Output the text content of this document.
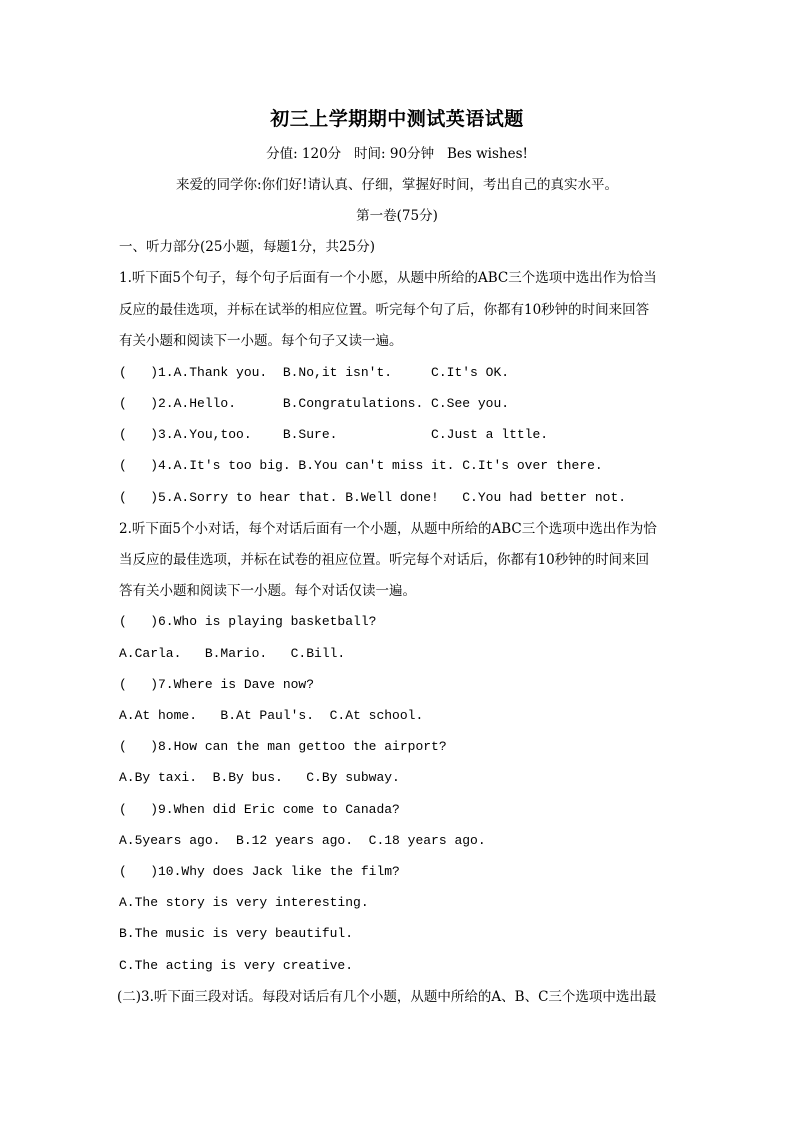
初三上学期期中测试英语试题
分值: 120分   时间: 90分钟   Bes wishes!
来爱的同学你:你们好!请认真、仔细，掌握好时间，考出自己的真实水平。
第一卷(75分)
一、听力部分(25小题，每题1分，共25分)
1.听下面5个句子，每个句子后面有一个小愿，从题中所给的ABC三个选项中选出作为恰当
反应的最佳选项，并标在试举的相应位置。听完每个句了后，你都有10秒钟的时间来回答
有关小题和阅读下一小题。每个句子又读一遍。
(   )1.A.Thank you.  B.No,it isn't.     C.It's OK.
(   )2.A.Hello.      B.Congratulations. C.See you.
(   )3.A.You,too.    B.Sure.            C.Just a lttle.
(   )4.A.It's too big. B.You can't miss it. C.It's over there.
(   )5.A.Sorry to hear that. B.Well done!   C.You had better not.
2.听下面5个小对话，每个对话后面有一个小题，从题中所给的ABC三个选项中选出作为恰
当反应的最佳选项，并标在试卷的祖应位置。听完每个对话后，你都有10秒钟的时间来回
答有关小题和阅读下一小题。每个对话仅读一遍。
(   )6.Who is playing basketball?
A.Carla.   B.Mario.   C.Bill.
(   )7.Where is Dave now?
A.At home.   B.At Paul's.  C.At school.
(   )8.How can the man gettoo the airport?
A.By taxi.  B.By bus.   C.By subway.
(   )9.When did Eric come to Canada?
A.5years ago.  B.12 years ago.  C.18 years ago.
(   )10.Why does Jack like the film?
A.The story is very interesting.
B.The music is very beautiful.
C.The acting is very creative.
(二)3.听下面三段对话。每段对话后有几个小题，从题中所给的A、B、C三个选项中选出最
